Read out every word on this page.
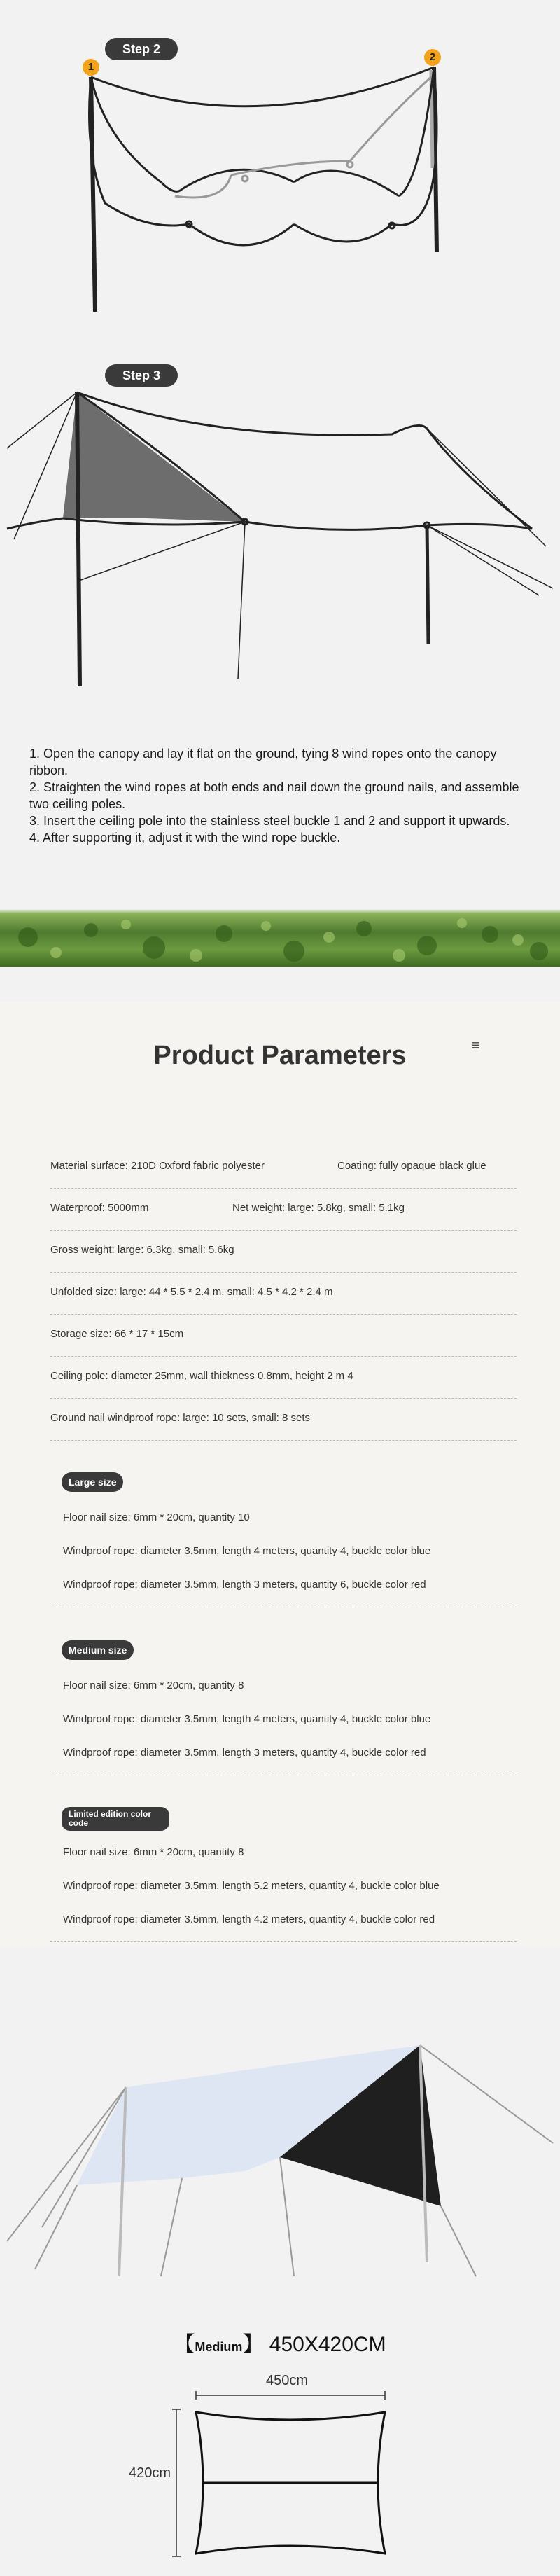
Step 2
1
2
Step 3

1. Open the canopy and lay it flat on the ground, tying 8 wind ropes onto the canopy ribbon.

2. Straighten the wind ropes at both ends and nail down the ground nails, and assemble two ceiling poles.

3. Insert the ceiling pole into the stainless steel buckle 1 and 2 and support it upwards.

4. After supporting it, adjust it with the wind rope buckle.

Product Parameters	≡
Material surface: 210D Oxford fabric polyester	Coating: fully opaque black glue
Waterproof: 5000mm	Net weight: large: 5.8kg, small: 5.1kg
Gross weight: large: 6.3kg, small: 5.6kg
Unfolded size: large: 44 * 5.5 * 2.4 m, small: 4.5 * 4.2 * 2.4 m
Storage size: 66 * 17 * 15cm
Ceiling pole: diameter 25mm, wall thickness 0.8mm, height 2 m 4
Ground nail windproof rope: large: 10 sets, small: 8 sets
Large size
Floor nail size: 6mm * 20cm, quantity 10
Windproof rope: diameter 3.5mm, length 4 meters, quantity 4, buckle color blue
Windproof rope: diameter 3.5mm, length 3 meters, quantity 6, buckle color red
Medium size
Floor nail size: 6mm * 20cm, quantity 8
Windproof rope: diameter 3.5mm, length 4 meters, quantity 4, buckle color blue
Windproof rope: diameter 3.5mm, length 3 meters, quantity 4, buckle color red
Limited edition color code
Floor nail size: 6mm * 20cm, quantity 8
Windproof rope: diameter 3.5mm, length 5.2 meters, quantity 4, buckle color blue
Windproof rope: diameter 3.5mm, length 4.2 meters, quantity 4, buckle color red
【Medium】 450X420CM
450cm
420cm
